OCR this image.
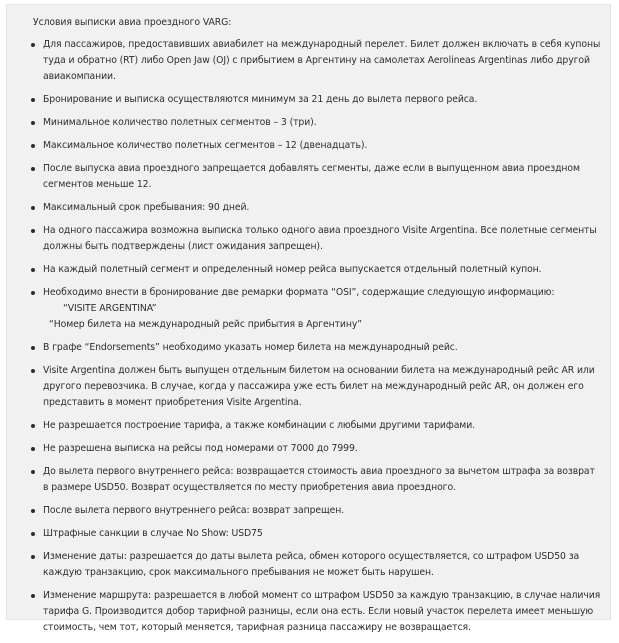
Условия выписки авиа проездного VARG:
Для пассажиров, предоставивших авиабилет на международный перелет. Билет должен включать в себя купоны
туда и обратно (RT) либо Open Jaw (OJ) с прибытием в Аргентину на самолетах Aerolineas Argentinas либо другой
авиакомпании.
Бронирование и выписка осуществляются минимум за 21 день до вылета первого рейса.
Минимальное количество полетных сегментов – 3 (три).
Максимальное количество полетных сегментов – 12 (двенадцать).
После выпуска авиа проездного запрещается добавлять сегменты, даже если в выпущенном авиа проездном
сегментов меньше 12.
Максимальный срок пребывания: 90 дней.
На одного пассажира возможна выписка только одного авиа проездного Visite Argentina. Все полетные сегменты
должны быть подтверждены (лист ожидания запрещен).
На каждый полетный сегмент и определенный номер рейса выпускается отдельный полетный купон.
Необходимо внести в бронирование две ремарки формата “OSI”, содержащие следующую информацию:
“VISITE ARGENTINA”
“Номер билета на международный рейс прибытия в Аргентину”
В графе “Endorsements” необходимо указать номер билета на международный рейс.
Visite Argentina должен быть выпущен отдельным билетом на основании билета на международный рейс AR или
другого перевозчика. В случае, когда у пассажира уже есть билет на международный рейс AR, он должен его
представить в момент приобретения Visite Argentina.
Не разрешается построение тарифа, а также комбинации с любыми другими тарифами.
Не разрешена выписка на рейсы под номерами от 7000 до 7999.
До вылета первого внутреннего рейса: возвращается стоимость авиа проездного за вычетом штрафа за возврат
в размере USD50. Возврат осуществляется по месту приобретения авиа проездного.
После вылета первого внутреннего рейса: возврат запрещен.
Штрафные санкции в случае No Show: USD75
Изменение даты: разрешается до даты вылета рейса, обмен которого осуществляется, со штрафом USD50 за
каждую транзакцию, срок максимального пребывания не может быть нарушен.
Изменение маршрута: разрешается в любой момент со штрафом USD50 за каждую транзакцию, в случае наличия
тарифа G. Производится добор тарифной разницы, если она есть. Если новый участок перелета имеет меньшую
стоимость, чем тот, который меняется, тарифная разница пассажиру не возвращается.
